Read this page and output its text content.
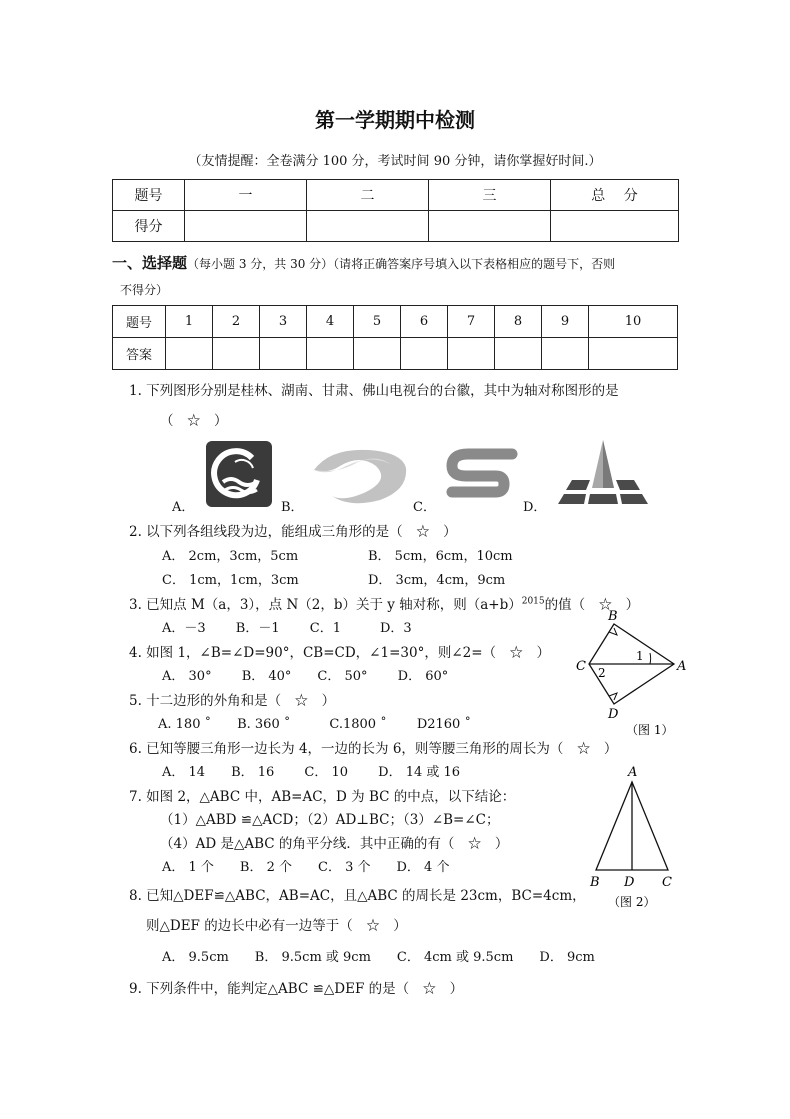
第一学期期中检测
（友情提醒：全卷满分 100 分，考试时间 90 分钟，请你掌握好时间.）
题号	一	二	三	总　 分
得分				
一、选择题（每小题 3 分，共 30 分）（请将正确答案序号填入以下表格相应的题号下，否则
不得分）
题号	1	2	3	4	5	6	7	8	9	10
答案										
1. 下列图形分别是桂林、湖南、甘肃、佛山电视台的台徽，其中为轴对称图形的是
（　☆　）
A．	B．	C．	D．
2. 以下列各组线段为边，能组成三角形的是（　☆　）
A． 2cm，3cm，5cm	B． 5cm，6cm，10cm
C． 1cm，1cm，3cm	D． 3cm，4cm，9cm
3. 已知点 M（a，3），点 N（2，b）关于 y 轴对称，则$(a+b)^{2015}$的值（　☆　）
A．－3　　 B．－1　　 C．1　　　D．3
4. 如图 1，∠B=∠D=90°，CB=CD，∠1=30°，则∠2=（　☆　）
A． 30°　　 B． 40°　　C． 50°　　 D． 60°
5. 十二边形的外角和是（　☆　）
A. 180 ˚　　B. 360 ˚　　　C.1800 ˚　　 D2160 ˚
6. 已知等腰三角形一边长为 4，一边的长为 6，则等腰三角形的周长为（　☆　）
A． 14　　B． 16　　 C． 10　　 D． 14 或 16
7. 如图 2，△ABC 中，AB=AC，D 为 BC 的中点，以下结论：
（1）△ABD ≌△ACD；（2）AD⊥BC；（3）∠B=∠C；
（4）AD 是△ABC 的角平分线．其中正确的有（　☆　）
A． 1 个　　B． 2 个　　C． 3 个　　D． 4 个
8. 已知△DEF≌△ABC，AB=AC，且△ABC 的周长是 23cm，BC=4cm，
则△DEF 的边长中必有一边等于（　☆　）
A． 9.5cm　　B． 9.5cm 或 9cm　　C． 4cm 或 9.5cm　　D． 9cm
9. 下列条件中，能判定△ABC ≌△DEF 的是（　☆　）
B
C	A
D
1
2
（图 1）
A
B D C
（图 2）
